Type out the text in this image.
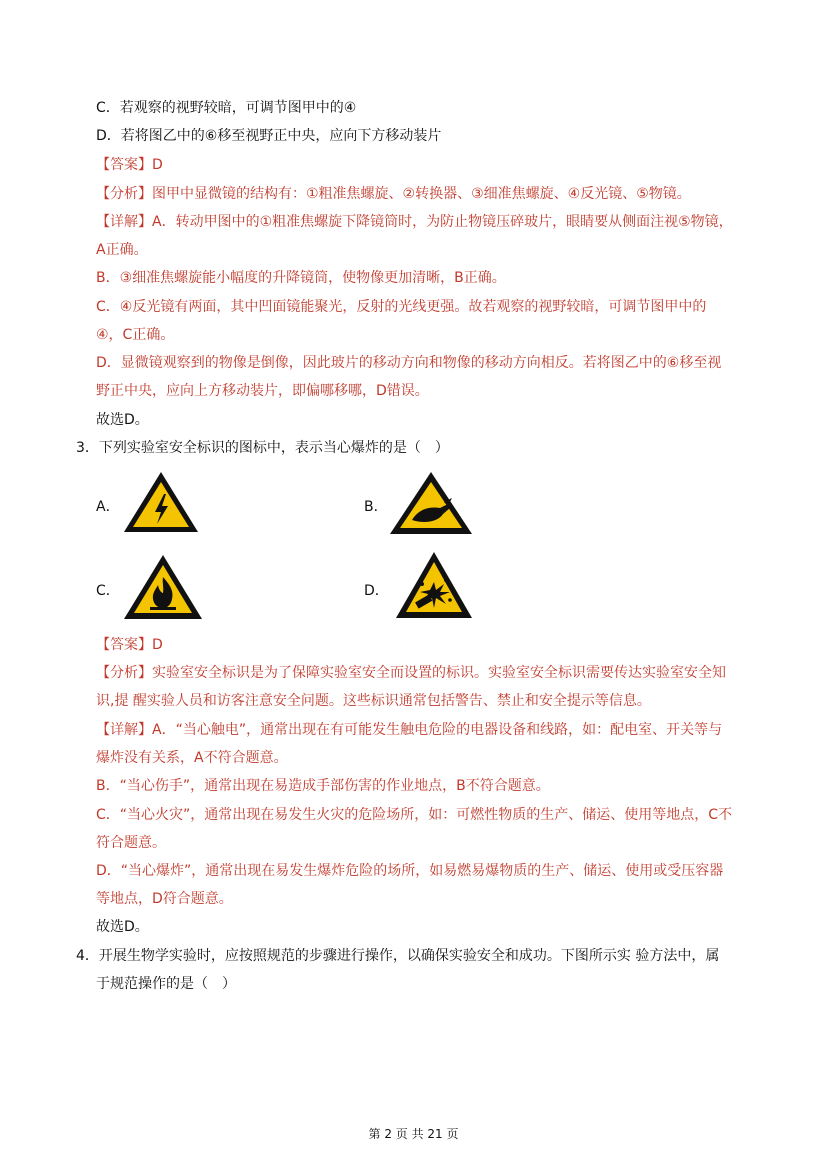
C．若观察的视野较暗，可调节图甲中的④
D．若将图乙中的⑥移至视野正中央，应向下方移动装片
【答案】D
【分析】图甲中显微镜的结构有：①粗准焦螺旋、②转换器、③细准焦螺旋、④反光镜、⑤物镜。
【详解】A．转动甲图中的①粗准焦螺旋下降镜筒时，为防止物镜压碎玻片，眼睛要从侧面注视⑤物镜，
A正确。
B．③细准焦螺旋能小幅度的升降镜筒，使物像更加清晰，B正确。
C．④反光镜有两面，其中凹面镜能聚光，反射的光线更强。故若观察的视野较暗，可调节图甲中的
④，C正确。
D．显微镜观察到的物像是倒像，因此玻片的移动方向和物像的移动方向相反。若将图乙中的⑥移至视
野正中央，应向上方移动装片，即偏哪移哪，D错误。
故选D。
3．下列实验室安全标识的图标中，表示当心爆炸的是（　）
A．	B．
C．	D．
【答案】D
【分析】实验室安全标识是为了保障实验室安全而设置的标识。实验室安全标识需要传达实验室安全知
识,提 醒实验人员和访客注意安全问题。这些标识通常包括警告、禁止和安全提示等信息。
【详解】A．“当心触电”，通常出现在有可能发生触电危险的电器设备和线路，如：配电室、开关等与
爆炸没有关系，A不符合题意。
B．“当心伤手”，通常出现在易造成手部伤害的作业地点，B不符合题意。
C．“当心火灾”，通常出现在易发生火灾的危险场所，如：可燃性物质的生产、储运、使用等地点，C不
符合题意。
D．“当心爆炸”，通常出现在易发生爆炸危险的场所，如易燃易爆物质的生产、储运、使用或受压容器
等地点，D符合题意。
故选D。
4．开展生物学实验时，应按照规范的步骤进行操作，以确保实验安全和成功。下图所示实 验方法中，属
于规范操作的是（　）
第 2 页 共 21 页
